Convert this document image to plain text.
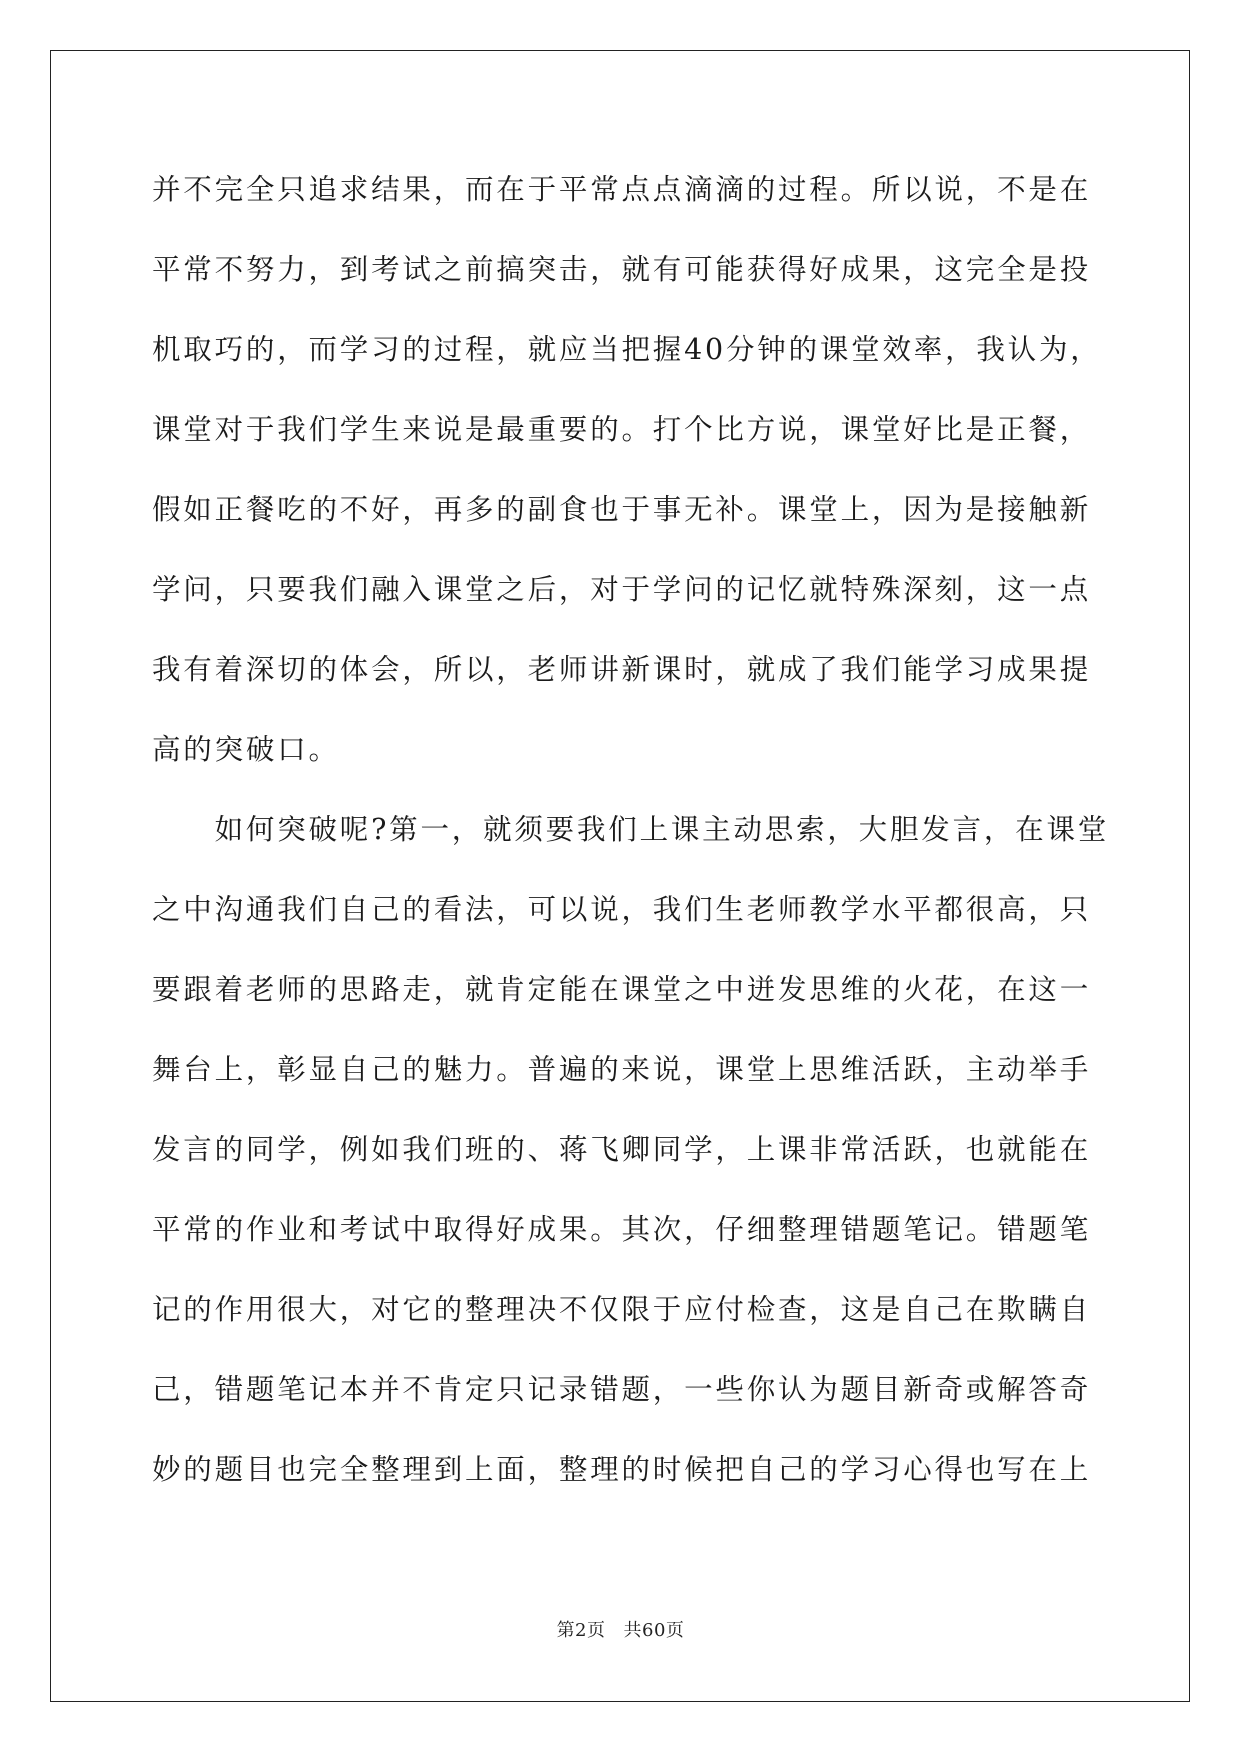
并不完全只追求结果，而在于平常点点滴滴的过程。所以说，不是在
平常不努力，到考试之前搞突击，就有可能获得好成果，这完全是投
机取巧的，而学习的过程，就应当把握40分钟的课堂效率，我认为，
课堂对于我们学生来说是最重要的。打个比方说，课堂好比是正餐，
假如正餐吃的不好，再多的副食也于事无补。课堂上，因为是接触新
学问，只要我们融入课堂之后，对于学问的记忆就特殊深刻，这一点
我有着深切的体会，所以，老师讲新课时，就成了我们能学习成果提
高的突破口。
　　如何突破呢?第一，就须要我们上课主动思索，大胆发言，在课堂
之中沟通我们自己的看法，可以说，我们生老师教学水平都很高，只
要跟着老师的思路走，就肯定能在课堂之中迸发思维的火花，在这一
舞台上，彰显自己的魅力。普遍的来说，课堂上思维活跃，主动举手
发言的同学，例如我们班的、蒋飞卿同学，上课非常活跃，也就能在
平常的作业和考试中取得好成果。其次，仔细整理错题笔记。错题笔
记的作用很大，对它的整理决不仅限于应付检查，这是自己在欺瞒自
己，错题笔记本并不肯定只记录错题，一些你认为题目新奇或解答奇
妙的题目也完全整理到上面，整理的时候把自己的学习心得也写在上
第2页 共60页
